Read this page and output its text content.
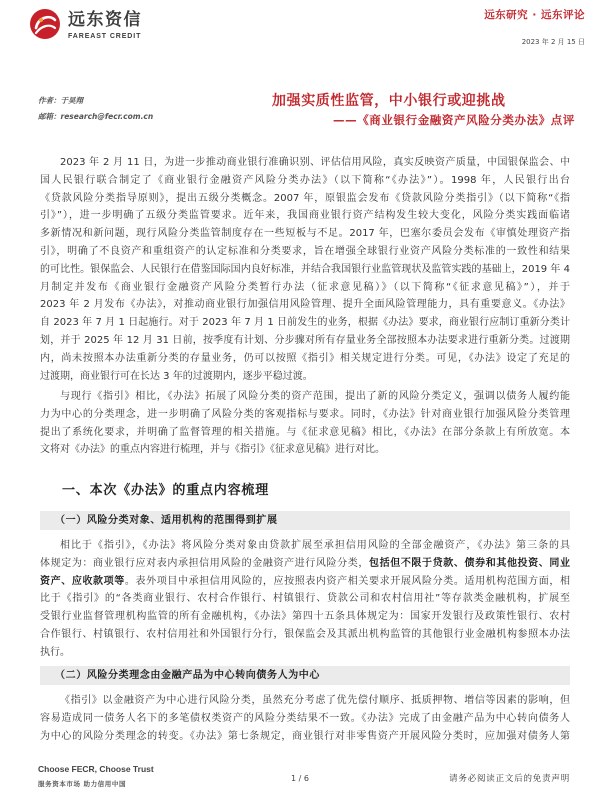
远东资信
FAREAST CREDIT
远东研究 · 远东评论
2023 年 2 月 15 日
作者：于昊翔
邮箱：research@fecr.com.cn
加强实质性监管，中小银行或迎挑战
——《商业银行金融资产风险分类办法》点评
2023 年 2 月 11 日，为进一步推动商业银行准确识别、评估信用风险，真实反映资产质量，中国银保监会、中
国人民银行联合制定了《商业银行金融资产风险分类办法》（以下简称“《办法》”）。1998 年，人民银行出台
《贷款风险分类指导原则》，提出五级分类概念。2007 年，原银监会发布《贷款风险分类指引》（以下简称“《指
引》”），进一步明确了五级分类监管要求。近年来，我国商业银行资产结构发生较大变化，风险分类实践面临诸
多新情况和新问题，现行风险分类监管制度存在一些短板与不足。2017 年，巴塞尔委员会发布《审慎处理资产指
引》，明确了不良资产和重组资产的认定标准和分类要求，旨在增强全球银行业资产风险分类标准的一致性和结果
的可比性。银保监会、人民银行在借鉴国际国内良好标准，并结合我国银行业监管现状及监管实践的基础上，2019 年 4
月制定并发布《商业银行金融资产风险分类暂行办法（征求意见稿）》（以下简称“《征求意见稿》”），并于
2023 年 2 月发布《办法》，对推动商业银行加强信用风险管理、提升全面风险管理能力，具有重要意义。《办法》
自 2023 年 7 月 1 日起施行。对于 2023 年 7 月 1 日前发生的业务，根据《办法》要求，商业银行应制订重新分类计
划，并于 2025 年 12 月 31 日前，按季度有计划、分步骤对所有存量业务全部按照本办法要求进行重新分类。过渡期
内，尚未按照本办法重新分类的存量业务，仍可以按照《指引》相关规定进行分类。可见，《办法》设定了充足的
过渡期，商业银行可在长达 3 年的过渡期内，逐步平稳过渡。
与现行《指引》相比，《办法》拓展了风险分类的资产范围，提出了新的风险分类定义，强调以债务人履约能
力为中心的分类理念，进一步明确了风险分类的客观指标与要求。同时，《办法》针对商业银行加强风险分类管理
提出了系统化要求，并明确了监督管理的相关措施。与《征求意见稿》相比，《办法》在部分条款上有所放宽。本
文将对《办法》的重点内容进行梳理，并与《指引》《征求意见稿》进行对比。
一、本次《办法》的重点内容梳理
（一）风险分类对象、适用机构的范围得到扩展
相比于《指引》，《办法》将风险分类对象由贷款扩展至承担信用风险的全部金融资产，《办法》第三条的具
体规定为：商业银行应对表内承担信用风险的金融资产进行风险分类，包括但不限于贷款、债券和其他投资、同业
资产、应收款项等。表外项目中承担信用风险的，应按照表内资产相关要求开展风险分类。适用机构范围方面，相
比于《指引》的“各类商业银行、农村合作银行、村镇银行、贷款公司和农村信用社”等存款类金融机构，扩展至
受银行业监督管理机构监管的所有金融机构，《办法》第四十五条具体规定为：国家开发银行及政策性银行、农村
合作银行、村镇银行、农村信用社和外国银行分行，银保监会及其派出机构监管的其他银行业金融机构参照本办法
执行。
（二）风险分类理念由金融产品为中心转向债务人为中心
《指引》以金融资产为中心进行风险分类，虽然充分考虑了优先偿付顺序、抵质押物、增信等因素的影响，但
容易造成同一债务人名下的多笔债权类资产的风险分类结果不一致。《办法》完成了由金融产品为中心转向债务人
为中心的风险分类理念的转变。《办法》第七条规定，商业银行对非零售资产开展风险分类时，应加强对债务人第
Choose FECR, Choose Trust
服务资本市场 助力信用中国
1 / 6	请务必阅读正文后的免责声明
